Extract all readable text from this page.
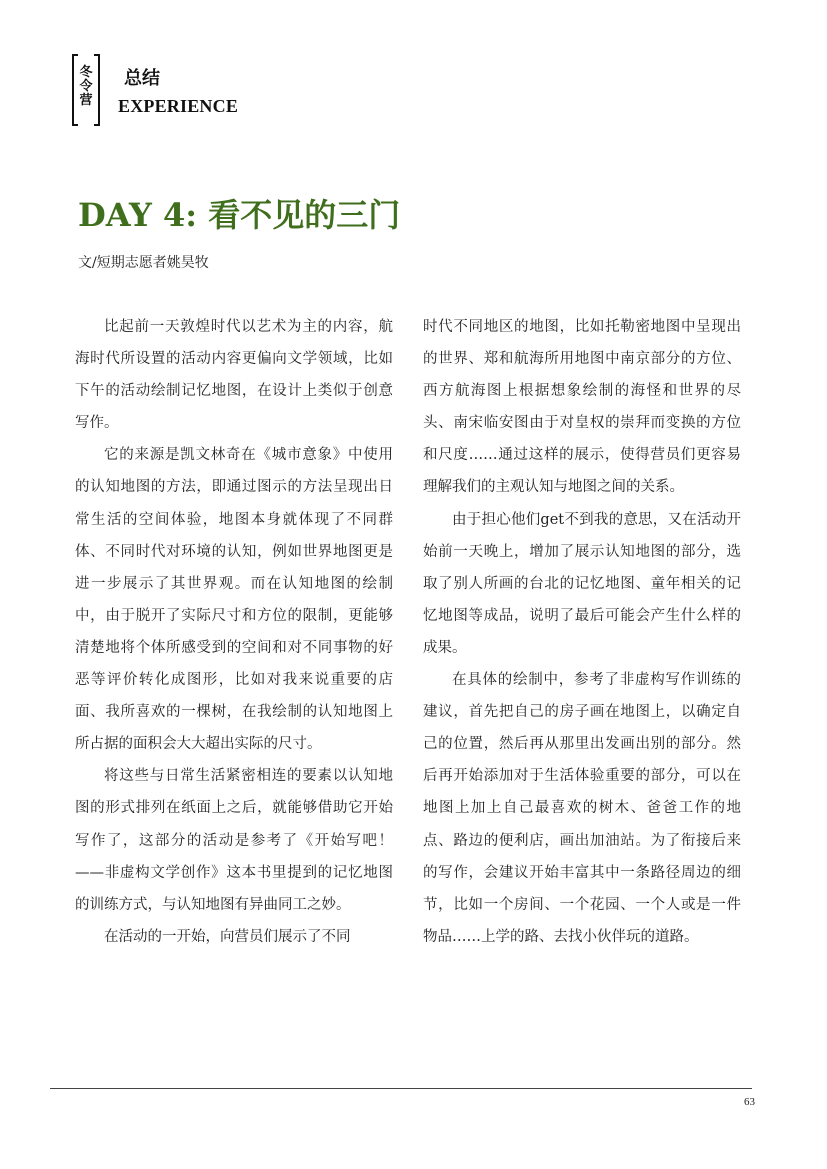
冬令营
总结
EXPERIENCE
DAY 4: 看不见的三门
文/短期志愿者姚昊牧

比起前一天敦煌时代以艺术为主的内容，航海时代所设置的活动内容更偏向文学领域，比如下午的活动绘制记忆地图，在设计上类似于创意写作。

它的来源是凯文林奇在《城市意象》中使用的认知地图的方法，即通过图示的方法呈现出日常生活的空间体验，地图本身就体现了不同群体、不同时代对环境的认知，例如世界地图更是进一步展示了其世界观。而在认知地图的绘制中，由于脱开了实际尺寸和方位的限制，更能够清楚地将个体所感受到的空间和对不同事物的好恶等评价转化成图形，比如对我来说重要的店面、我所喜欢的一棵树，在我绘制的认知地图上所占据的面积会大大超出实际的尺寸。

将这些与日常生活紧密相连的要素以认知地图的形式排列在纸面上之后，就能够借助它开始写作了，这部分的活动是参考了《开始写吧！——非虚构文学创作》这本书里提到的记忆地图的训练方式，与认知地图有异曲同工之妙。

在活动的一开始，向营员们展示了不同

时代不同地区的地图，比如托勒密地图中呈现出的世界、郑和航海所用地图中南京部分的方位、西方航海图上根据想象绘制的海怪和世界的尽头、南宋临安图由于对皇权的崇拜而变换的方位和尺度……通过这样的展示，使得营员们更容易理解我们的主观认知与地图之间的关系。

由于担心他们get不到我的意思，又在活动开始前一天晚上，增加了展示认知地图的部分，选取了别人所画的台北的记忆地图、童年相关的记忆地图等成品，说明了最后可能会产生什么样的成果。

在具体的绘制中，参考了非虚构写作训练的建议，首先把自己的房子画在地图上，以确定自己的位置，然后再从那里出发画出别的部分。然后再开始添加对于生活体验重要的部分，可以在地图上加上自己最喜欢的树木、爸爸工作的地点、路边的便利店，画出加油站。为了衔接后来的写作，会建议开始丰富其中一条路径周边的细节，比如一个房间、一个花园、一个人或是一件物品……上学的路、去找小伙伴玩的道路。

63
